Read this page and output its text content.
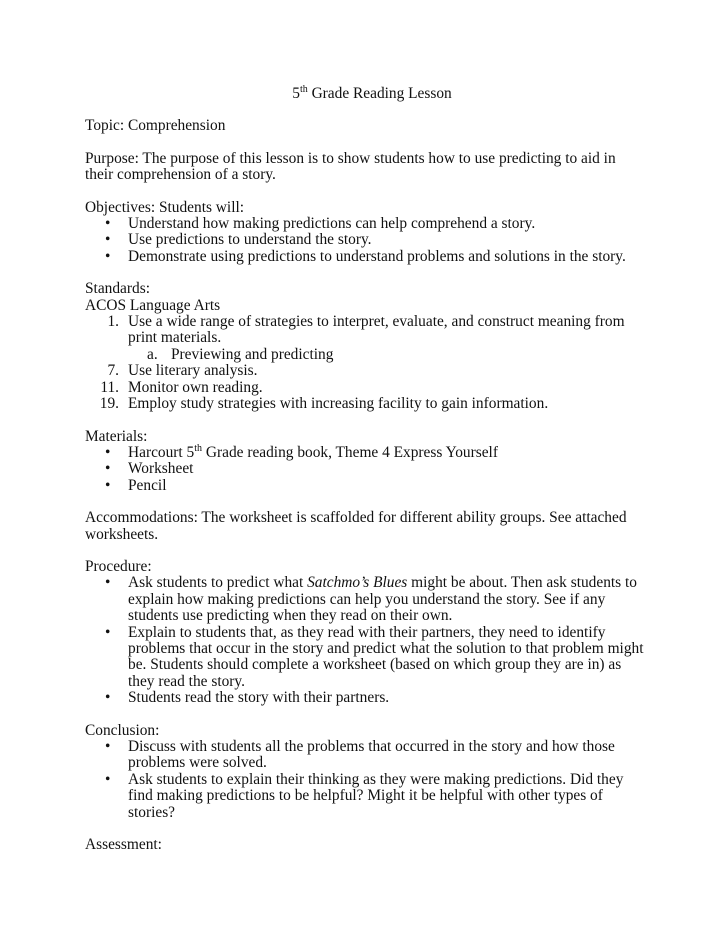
5th Grade Reading Lesson

Topic: Comprehension

Purpose: The purpose of this lesson is to show students how to use predicting to aid in their comprehension of a story.

Objectives: Students will:

• Understand how making predictions can help comprehend a story.
• Use predictions to understand the story.
• Demonstrate using predictions to understand problems and solutions in the story.

Standards:

ACOS Language Arts

1. Use a wide range of strategies to interpret, evaluate, and construct meaning from print materials.
a. Previewing and predicting
7. Use literary analysis.
11. Monitor own reading.
19. Employ study strategies with increasing facility to gain information.

Materials:

• Harcourt 5th Grade reading book, Theme 4 Express Yourself
• Worksheet
• Pencil

Accommodations: The worksheet is scaffolded for different ability groups. See attached worksheets.

Procedure:

• Ask students to predict what Satchmo’s Blues might be about. Then ask students to explain how making predictions can help you understand the story. See if any students use predicting when they read on their own.
• Explain to students that, as they read with their partners, they need to identify problems that occur in the story and predict what the solution to that problem might be. Students should complete a worksheet (based on which group they are in) as they read the story.
• Students read the story with their partners.

Conclusion:

• Discuss with students all the problems that occurred in the story and how those problems were solved.
• Ask students to explain their thinking as they were making predictions. Did they find making predictions to be helpful? Might it be helpful with other types of stories?

Assessment:
